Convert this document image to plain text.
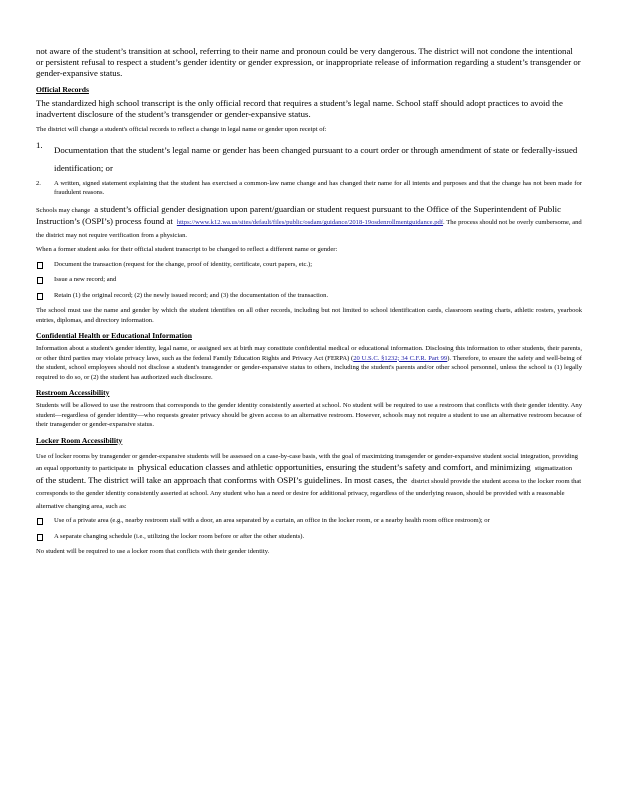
not aware of the student’s transition at school, referring to their name and pronoun could be very dangerous. The district will not condone the intentional or persistent refusal to respect a student’s gender identity or gender expression, or inappropriate release of information regarding a student’s transgender or gender-expansive status.

Official Records

The standardized high school transcript is the only official record that requires a student’s legal name. School staff should adopt practices to avoid the inadvertent disclosure of the student’s transgender or gender-expansive status.

The district will change a student's official records to reflect a change in legal name or gender upon receipt of:

1. Documentation that the student’s legal name or gender has been changed pursuant to a court order or through amendment of state or federally-issued identification; or
2. A written, signed statement explaining that the student has exercised a common-law name change and has changed their name for all intents and purposes and that the change has not been made for fraudulent reasons.

Schools may change a student’s official gender designation upon parent/guardian or student request pursuant to the Office of the Superintendent of Public Instruction’s (OSPI’s) process found at https://www.k12.wa.us/sites/default/files/public/osdam/guidance/2018-19osdenrollmentguidance.pdf. The process should not be overly cumbersome, and the district may not require verification from a physician.

When a former student asks for their official student transcript to be changed to reflect a different name or gender:

Document the transaction (request for the change, proof of identity, certificate, court papers, etc.);
Issue a new record; and
Retain (1) the original record; (2) the newly issued record; and (3) the documentation of the transaction.

The school must use the name and gender by which the student identifies on all other records, including but not limited to school identification cards, classroom seating charts, athletic rosters, yearbook entries, diplomas, and directory information.

Confidential Health or Educational Information

Information about a student's gender identity, legal name, or assigned sex at birth may constitute confidential medical or educational information. Disclosing this information to other students, their parents, or other third parties may violate privacy laws, such as the federal Family Education Rights and Privacy Act (FERPA) (20 U.S.C. §1232; 34 C.F.R. Part 99). Therefore, to ensure the safety and well-being of the student, school employees should not disclose a student's transgender or gender-expansive status to others, including the student's parents and/or other school personnel, unless the school is (1) legally required to do so, or (2) the student has authorized such disclosure.

Restroom Accessibility

Students will be allowed to use the restroom that corresponds to the gender identity consistently asserted at school. No student will be required to use a restroom that conflicts with their gender identity. Any student—regardless of gender identity—who requests greater privacy should be given access to an alternative restroom. However, schools may not require a student to use an alternative restroom because of their transgender or gender-expansive status.

Locker Room Accessibility

Use of locker rooms by transgender or gender-expansive students will be assessed on a case-by-case basis, with the goal of maximizing transgender or gender-expansive student social integration, providing an equal opportunity to participate in physical education classes and athletic opportunities, ensuring the student’s safety and comfort, and minimizing stigmatization of the student. The district will take an approach that conforms with OSPI’s guidelines. In most cases, the district should provide the student access to the locker room that corresponds to the gender identity consistently asserted at school. Any student who has a need or desire for additional privacy, regardless of the underlying reason, should be provided with a reasonable alternative changing area, such as:

Use of a private area (e.g., nearby restroom stall with a door, an area separated by a curtain, an office in the locker room, or a nearby health room office restroom); or
A separate changing schedule (i.e., utilizing the locker room before or after the other students).

No student will be required to use a locker room that conflicts with their gender identity.
